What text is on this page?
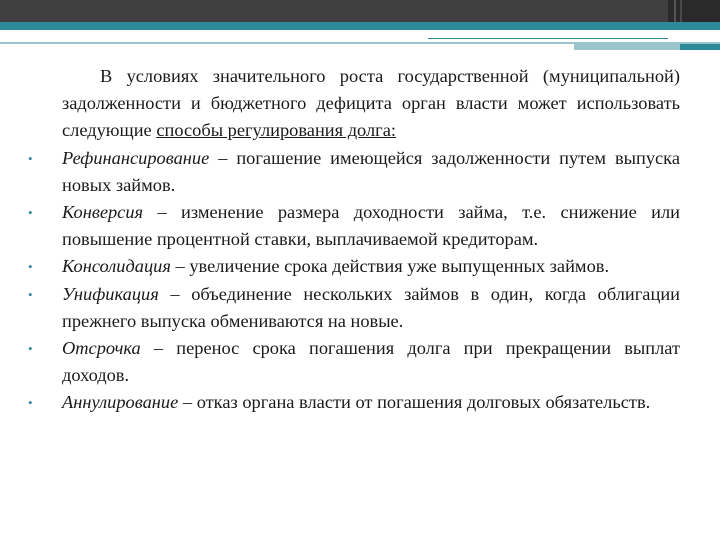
В условиях значительного роста государственной (муниципальной) задолженности и бюджетного дефицита орган власти может использовать следующие способы регулирования долга:

• Рефинансирование – погашение имеющейся задолженности путем выпуска новых займов.
• Конверсия – изменение размера доходности займа, т.е. снижение или повышение процентной ставки, выплачиваемой кредиторам.
• Консолидация – увеличение срока действия уже выпущенных займов.
• Унификация – объединение нескольких займов в один, когда облигации прежнего выпуска обмениваются на новые.
• Отсрочка – перенос срока погашения долга при прекращении выплат доходов.
• Аннулирование – отказ органа власти от погашения долговых обязательств.
